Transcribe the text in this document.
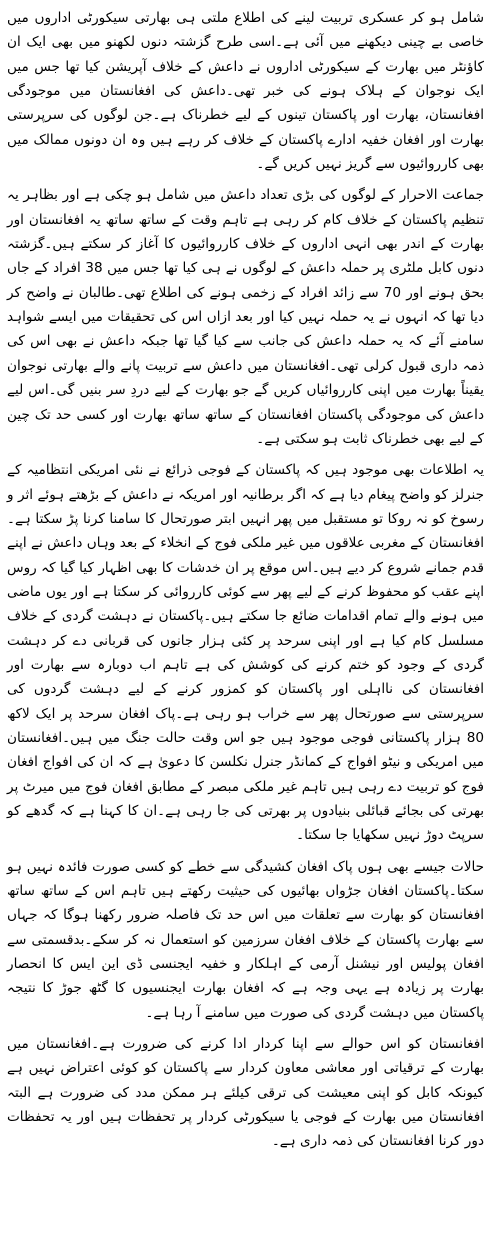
شامل ہو کر عسکری تربیت لینے کی اطلاع ملتی ہی بھارتی سیکورٹی اداروں میں خاصی بے چینی دیکھنے میں آئی ہے۔اسی طرح گزشتہ دنوں لکھنو میں بھی ایک ان کاؤنٹر میں بھارت کے سیکورٹی اداروں نے داعش کے خلاف آپریشن کیا تھا جس میں ایک نوجوان کے ہلاک ہونے کی خبر تھی۔داعش کی افغانستان میں موجودگی افغانستان، بھارت اور پاکستان تینوں کے لیے خطرناک ہے۔جن لوگوں کی سرپرستی بھارت اور افغان خفیہ ادارے پاکستان کے خلاف کر رہے ہیں وہ ان دونوں ممالک میں بھی کارروائیوں سے گریز نہیں کریں گے۔

جماعت الاحرار کے لوگوں کی بڑی تعداد داعش میں شامل ہو چکی ہے اور بظاہر یہ تنظیم پاکستان کے خلاف کام کر رہی ہے تاہم وقت کے ساتھ ساتھ یہ افغانستان اور بھارت کے اندر بھی انہی اداروں کے خلاف کارروائیوں کا آغاز کر سکتے ہیں۔گزشتہ دنوں کابل ملٹری پر حملہ داعش کے لوگوں نے ہی کیا تھا جس میں 38 افراد کے جاں بحق ہونے اور 70 سے زائد افراد کے زخمی ہونے کی اطلاع تھی۔طالبان نے واضح کر دیا تھا کہ انہوں نے یہ حملہ نہیں کیا اور بعد ازاں اس کی تحقیقات میں ایسے شواہد سامنے آئے کہ یہ حملہ داعش کی جانب سے کیا گیا تھا جبکہ داعش نے بھی اس کی ذمہ داری قبول کرلی تھی۔افغانستان میں داعش سے تربیت پانے والے بھارتی نوجوان یقیناً بھارت میں اپنی کارروائیاں کریں گے جو بھارت کے لیے دردِ سر بنیں گی۔اس لیے داعش کی موجودگی پاکستان افغانستان کے ساتھ ساتھ بھارت اور کسی حد تک چین کے لیے بھی خطرناک ثابت ہو سکتی ہے۔

یہ اطلاعات بھی موجود ہیں کہ پاکستان کے فوجی ذرائع نے نئی امریکی انتظامیہ کے جنرلز کو واضح پیغام دیا ہے کہ اگر برطانیہ اور امریکہ نے داعش کے بڑھتے ہوئے اثر و رسوخ کو نہ روکا تو مستقبل میں پھر انہیں ابتر صورتحال کا سامنا کرنا پڑ سکتا ہے۔افغانستان کے مغربی علاقوں میں غیر ملکی فوج کے انخلاء کے بعد وہاں داعش نے اپنے قدم جمانے شروع کر دیے ہیں۔اس موقع پر ان خدشات کا بھی اظہار کیا گیا کہ روس اپنے عقب کو محفوظ کرنے کے لیے پھر سے کوئی کارروائی کر سکتا ہے اور یوں ماضی میں ہونے والے تمام اقدامات ضائع جا سکتے ہیں۔پاکستان نے دہشت گردی کے خلاف مسلسل کام کیا ہے اور اپنی سرحد پر کئی ہزار جانوں کی قربانی دے کر دہشت گردی کے وجود کو ختم کرنے کی کوشش کی ہے تاہم اب دوبارہ سے بھارت اور افغانستان کی نااہلی اور پاکستان کو کمزور کرنے کے لیے دہشت گردوں کی سرپرستی سے صورتحال پھر سے خراب ہو رہی ہے۔پاک افغان سرحد پر ایک لاکھ 80 ہزار پاکستانی فوجی موجود ہیں جو اس وقت حالت جنگ میں ہیں۔افغانستان میں امریکی و نیٹو افواج کے کمانڈر جنرل نکلسن کا دعویٰ ہے کہ ان کی افواج افغان فوج کو تربیت دے رہی ہیں تاہم غیر ملکی مبصر کے مطابق افغان فوج میں میرٹ پر بھرتی کی بجائے قبائلی بنیادوں پر بھرتی کی جا رہی ہے۔ان کا کہنا ہے کہ گدھے کو سرپٹ دوڑ نہیں سکھایا جا سکتا۔

حالات جیسے بھی ہوں پاک افغان کشیدگی سے خطے کو کسی صورت فائدہ نہیں ہو سکتا۔پاکستان افغان جڑواں بھائیوں کی حیثیت رکھتے ہیں تاہم اس کے ساتھ ساتھ افغانستان کو بھارت سے تعلقات میں اس حد تک فاصلہ ضرور رکھنا ہوگا کہ جہاں سے بھارت پاکستان کے خلاف افغان سرزمین کو استعمال نہ کر سکے۔بدقسمتی سے افغان پولیس اور نیشنل آرمی کے اہلکار و خفیہ ایجنسی ڈی این ایس کا انحصار بھارت پر زیادہ ہے یہی وجہ ہے کہ افغان بھارت ایجنسیوں کا گٹھ جوڑ کا نتیجہ پاکستان میں دہشت گردی کی صورت میں سامنے آ رہا ہے۔

افغانستان کو اس حوالے سے اپنا کردار ادا کرنے کی ضرورت ہے۔افغانستان میں بھارت کے ترقیاتی اور معاشی معاون کردار سے پاکستان کو کوئی اعتراض نہیں ہے کیونکہ کابل کو اپنی معیشت کی ترقی کیلئے ہر ممکن مدد کی ضرورت ہے البتہ افغانستان میں بھارت کے فوجی یا سیکورٹی کردار پر تحفظات ہیں اور یہ تحفظات دور کرنا افغانستان کی ذمہ داری ہے۔
